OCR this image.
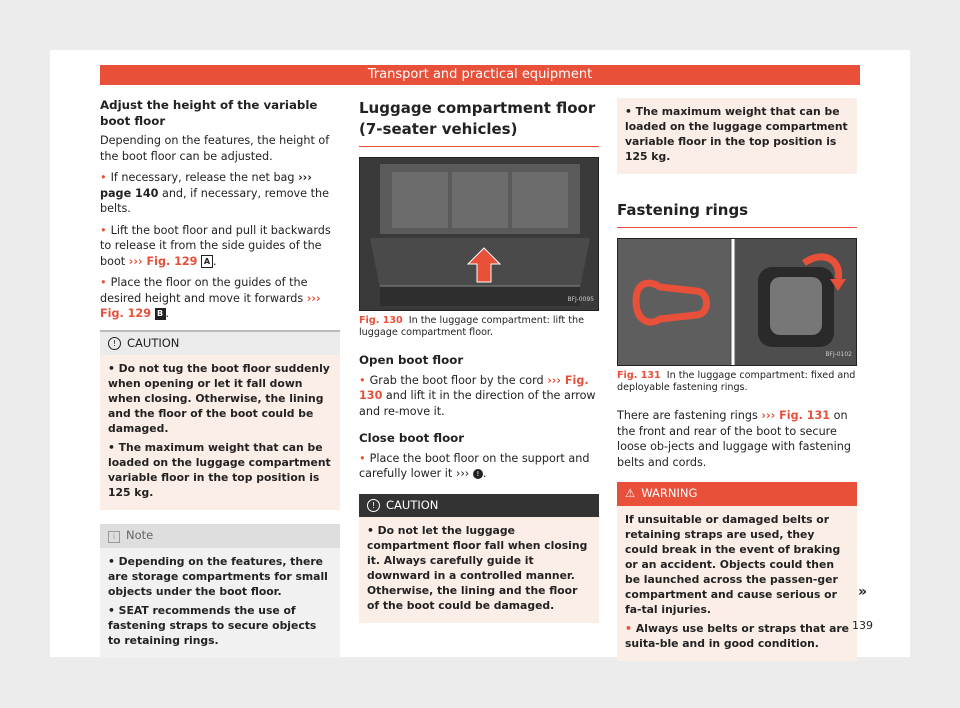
Transport and practical equipment
Adjust the height of the variable boot floor

Depending on the features, the height of the boot floor can be adjusted.

• If necessary, release the net bag ››› page 140 and, if necessary, remove the belts.

• Lift the boot floor and pull it backwards to release it from the side guides of the boot ››› Fig. 129 A .

• Place the floor on the guides of the desired height and move it forwards ››› Fig. 129 B .

! CAUTION

• Do not tug the boot floor suddenly when opening or let it fall down when closing. Otherwise, the lining and the floor of the boot could be damaged.

• The maximum weight that can be loaded on the luggage compartment variable floor in the top position is 125 kg.

i Note

• Depending on the features, there are storage compartments for small objects under the boot floor.

• SEAT recommends the use of fastening straps to secure objects to retaining rings.

Luggage compartment floor (7-seater vehicles)
BFJ-0095
Fig. 130 In the luggage compartment: lift the luggage compartment floor.
Open boot floor

• Grab the boot floor by the cord ››› Fig. 130 and lift it in the direction of the arrow and re-move it.

Close boot floor

• Place the boot floor on the support and carefully lower it ››› ! .

! CAUTION

• Do not let the luggage compartment floor fall when closing it. Always carefully guide it downward in a controlled manner. Otherwise, the lining and the floor of the boot could be damaged.

• The maximum weight that can be loaded on the luggage compartment variable floor in the top position is 125 kg.

Fastening rings
BFJ-0102
Fig. 131 In the luggage compartment: fixed and deployable fastening rings.

There are fastening rings ››› Fig. 131 on the front and rear of the boot to secure loose ob-jects and luggage with fastening belts and cords.

⚠ WARNING

If unsuitable or damaged belts or retaining straps are used, they could break in the event of braking or an accident. Objects could then be launched across the passen-ger compartment and cause serious or fa-tal injuries.

• Always use belts or straps that are suita-ble and in good condition.

»
139
